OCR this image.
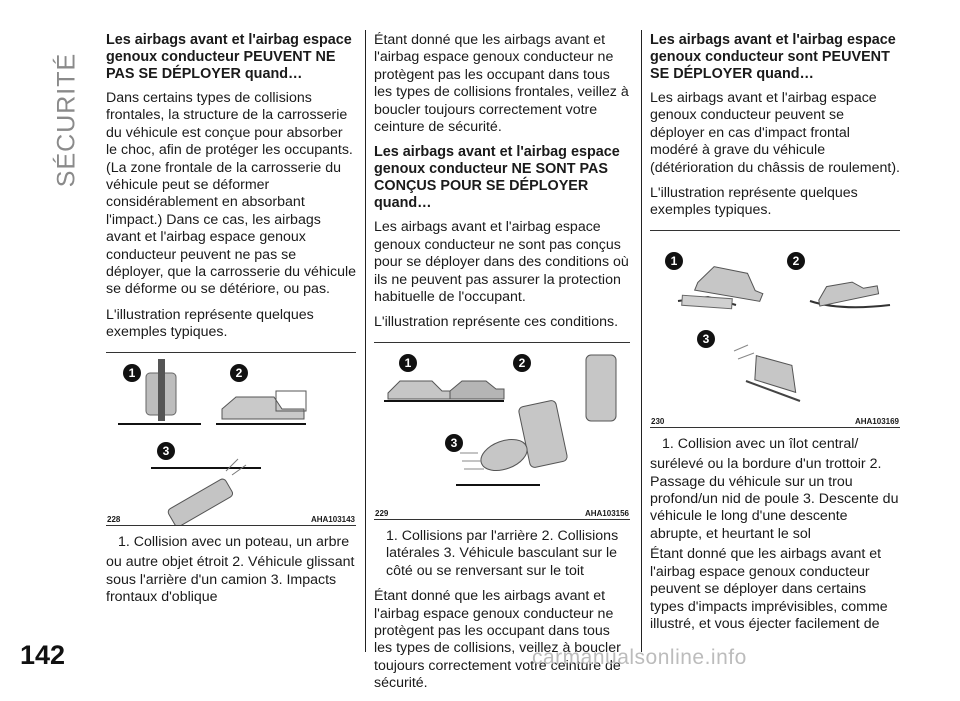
SÉCURITÉ
Les airbags avant et l'airbag espace genoux conducteur PEUVENT NE PAS SE DÉPLOYER quand…

Dans certains types de collisions frontales, la structure de la carrosserie du véhicule est conçue pour absorber le choc, afin de protéger les occupants. (La zone frontale de la carrosserie du véhicule peut se déformer considérablement en absorbant l'impact.) Dans ce cas, les airbags avant et l'airbag espace genoux conducteur peuvent ne pas se déployer, que la carrosserie du véhicule se déforme ou se détériore, ou pas.

L'illustration représente quelques exemples typiques.

1	2
3
228	AHA103143

1. Collision avec un poteau, un arbre

ou autre objet étroit 2. Véhicule glissant sous l'arrière d'un camion 3. Impacts frontaux d'oblique

Étant donné que les airbags avant et l'airbag espace genoux conducteur ne protègent pas les occupant dans tous les types de collisions frontales, veillez à boucler toujours correctement votre ceinture de sécurité.

Les airbags avant et l'airbag espace genoux conducteur NE SONT PAS CONÇUS POUR SE DÉPLOYER quand…

Les airbags avant et l'airbag espace genoux conducteur ne sont pas conçus pour se déployer dans des conditions où ils ne peuvent pas assurer la protection habituelle de l'occupant.

L'illustration représente ces conditions.

1	2
3
229	AHA103156

1. Collisions par l'arrière 2. Collisions latérales 3. Véhicule basculant sur le côté ou se renversant sur le toit

Étant donné que les airbags avant et l'airbag espace genoux conducteur ne protègent pas les occupant dans tous les types de collisions, veillez à boucler toujours correctement votre ceinture de sécurité.

Les airbags avant et l'airbag espace genoux conducteur sont PEUVENT SE DÉPLOYER quand…

Les airbags avant et l'airbag espace genoux conducteur peuvent se déployer en cas d'impact frontal modéré à grave du véhicule (détérioration du châssis de roulement).

L'illustration représente quelques exemples typiques.

1	2
3
230	AHA103169

1. Collision avec un îlot central/

surélevé ou la bordure d'un trottoir 2. Passage du véhicule sur un trou profond/un nid de poule 3. Descente du véhicule le long d'une descente abrupte, et heurtant le sol

Étant donné que les airbags avant et l'airbag espace genoux conducteur peuvent se déployer dans certains types d'impacts imprévisibles, comme illustré, et vous éjecter facilement de

142	carmanualsonline.info
